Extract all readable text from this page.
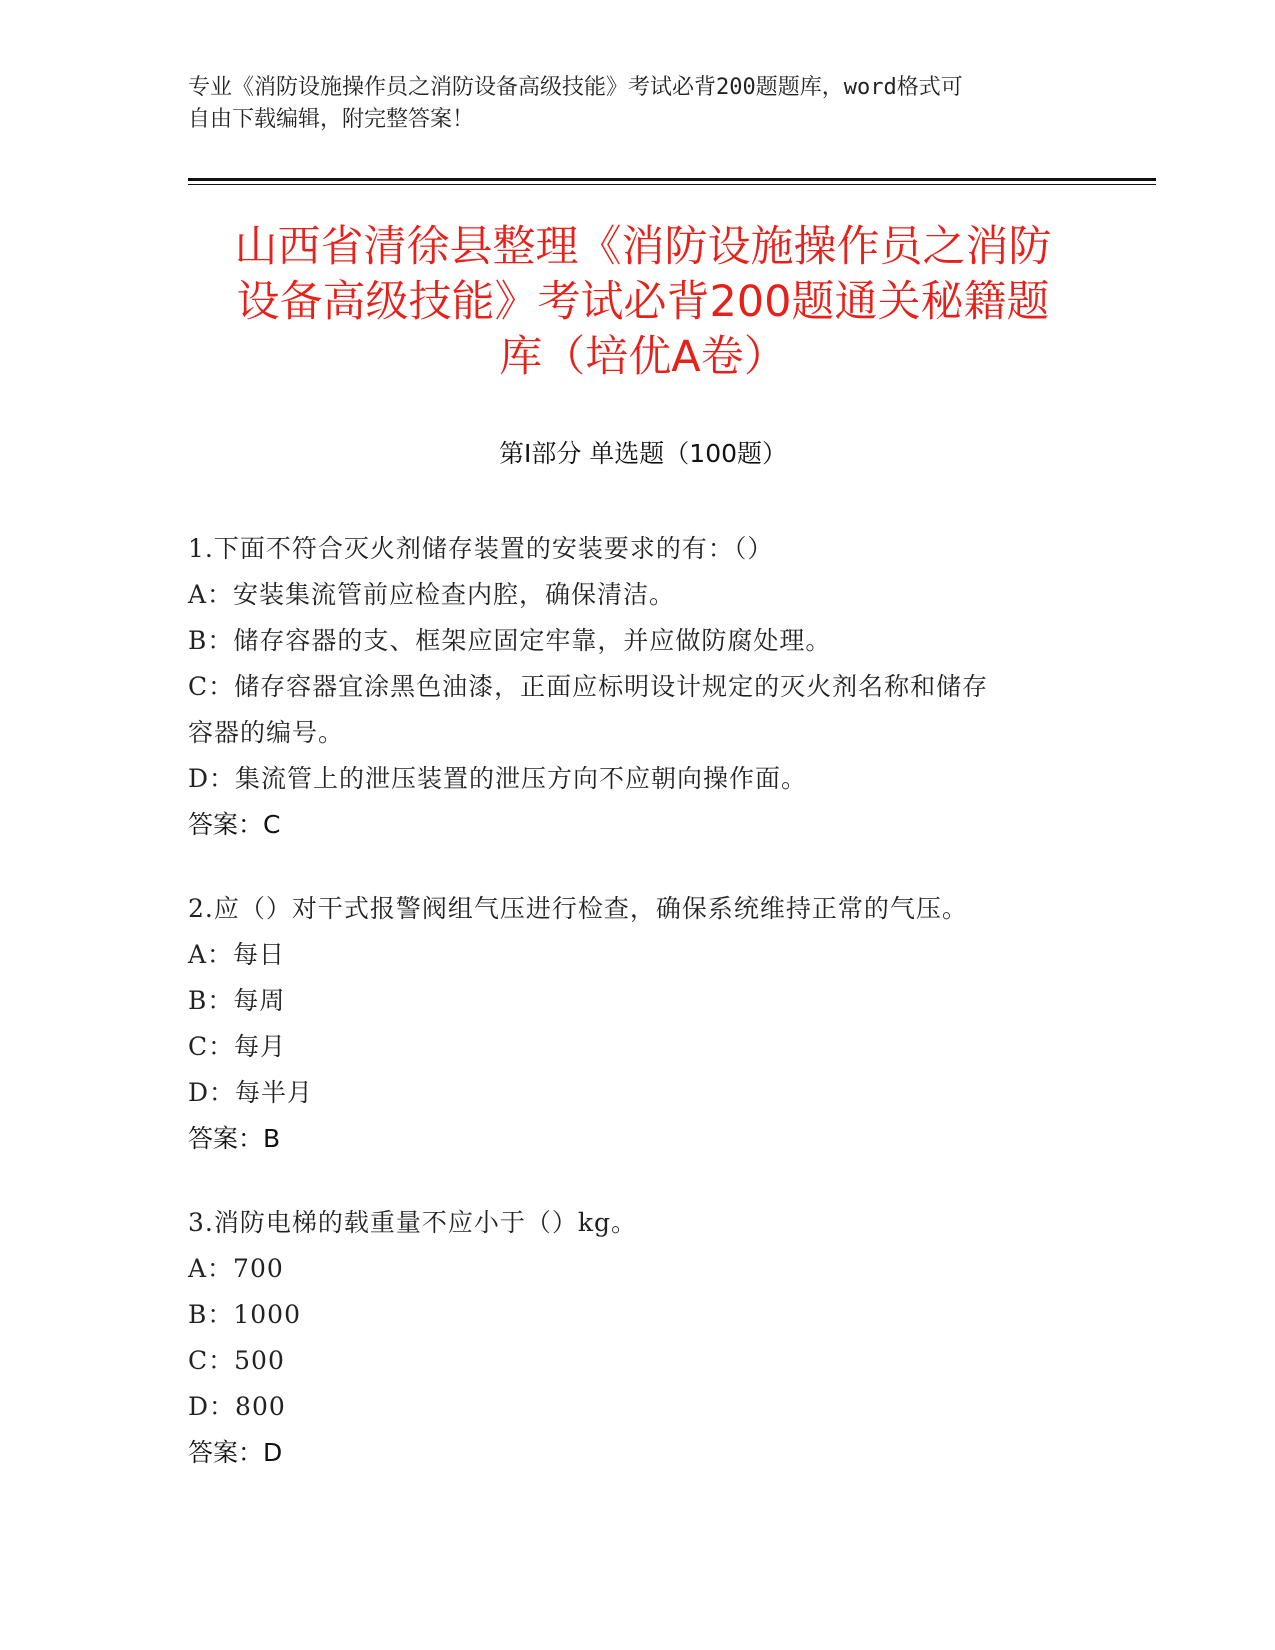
专业《消防设施操作员之消防设备高级技能》考试必背200题题库，word格式可
自由下载编辑，附完整答案！
山西省清徐县整理《消防设施操作员之消防
设备高级技能》考试必背200题通关秘籍题
库（培优A卷）
第I部分 单选题（100题）
1.下面不符合灭火剂储存装置的安装要求的有：（）
A：安装集流管前应检查内腔，确保清洁。
B：储存容器的支、框架应固定牢靠，并应做防腐处理。
C：储存容器宜涂黑色油漆，正面应标明设计规定的灭火剂名称和储存
容器的编号。
D：集流管上的泄压装置的泄压方向不应朝向操作面。
答案：C
2.应（）对干式报警阀组气压进行检查，确保系统维持正常的气压。
A：每日
B：每周
C：每月
D：每半月
答案：B
3.消防电梯的载重量不应小于（）kg。
A：700
B：1000
C：500
D：800
答案：D
